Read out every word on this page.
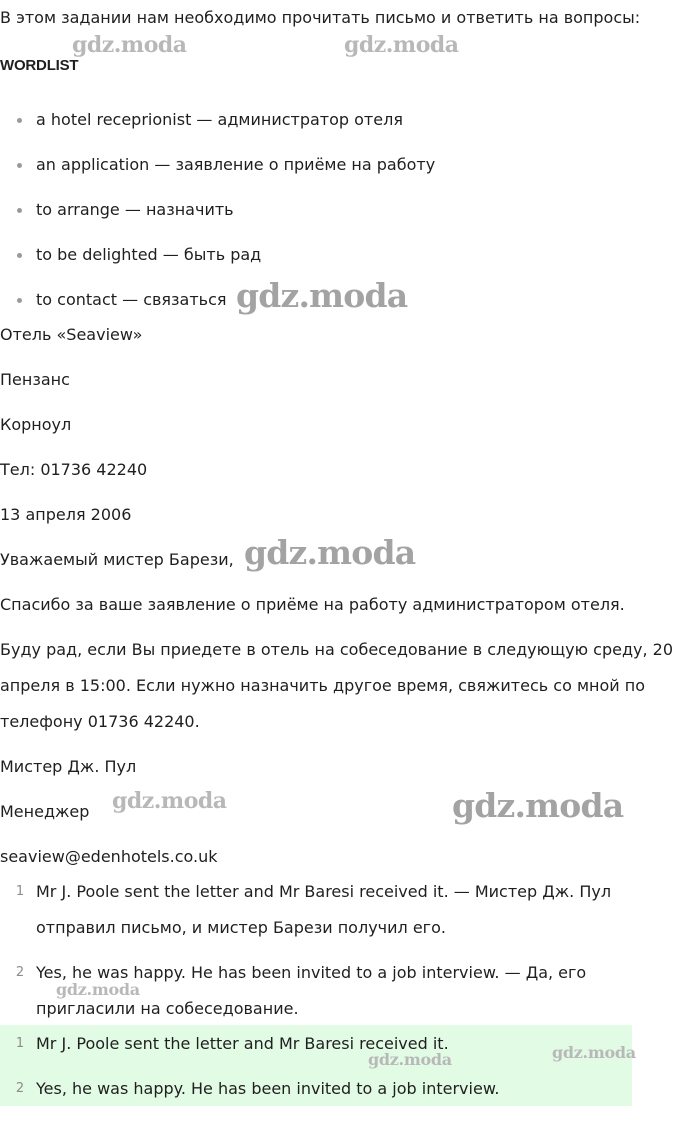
В этом задании нам необходимо прочитать письмо и ответить на вопросы:
WORDLIST
a hotel receprionist — администратор отеля
an application — заявление о приёме на работу
to arrange — назначить
to be delighted — быть рад
to contact — связаться
Отель «Seaview»
Пензанс
Корноул
Тел: 01736 42240
13 апреля 2006
Уважаемый мистер Барези,
Спасибо за ваше заявление о приёме на работу администратором отеля.
Буду рад, если Вы приедете в отель на собеседование в следующую среду, 20
апреля в 15:00. Если нужно назначить другое время, свяжитесь со мной по
телефону 01736 42240.
Мистер Дж. Пул
Менеджер
seaview@edenhotels.co.uk
1 Mr J. Poole sent the letter and Mr Baresi received it. — Мистер Дж. Пул
отправил письмо, и мистер Барези получил его.
2 Yes, he was happy. He has been invited to a job interview. — Да, его
пригласили на собеседование.
1 Mr J. Poole sent the letter and Mr Baresi received it.
2 Yes, he was happy. He has been invited to a job interview.
gdz.moda	gdz.moda
gdz.moda
gdz.moda
gdz.moda	gdz.moda
gdz.moda
gdz.moda	gdz.moda
